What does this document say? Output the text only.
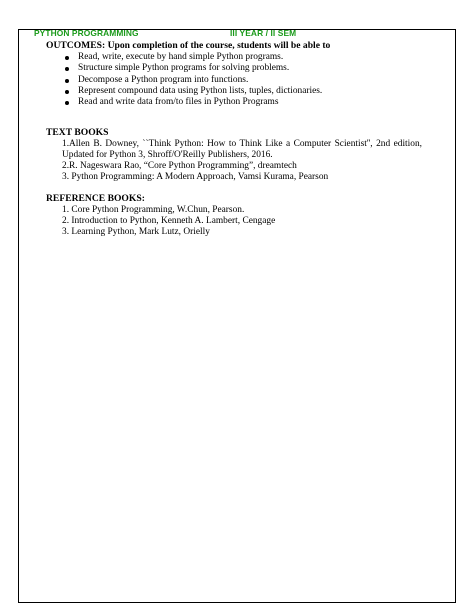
PYTHON PROGRAMMING	III YEAR / II SEM
OUTCOMES: Upon completion of the course, students will be able to
Read, write, execute by hand simple Python programs.
Structure simple Python programs for solving problems.
Decompose a Python program into functions.
Represent compound data using Python lists, tuples, dictionaries.
Read and write data from/to files in Python Programs
TEXT BOOKS
1.Allen B. Downey, ``Think Python: How to Think Like a Computer Scientist'', 2nd edition,
Updated for Python 3, Shroff/O'Reilly Publishers, 2016.
2.R. Nageswara Rao, “Core Python Programming”, dreamtech
3. Python Programming: A Modern Approach, Vamsi Kurama, Pearson
REFERENCE BOOKS:
1. Core Python Programming, W.Chun, Pearson.
2. Introduction to Python, Kenneth A. Lambert, Cengage
3. Learning Python, Mark Lutz, Orielly
